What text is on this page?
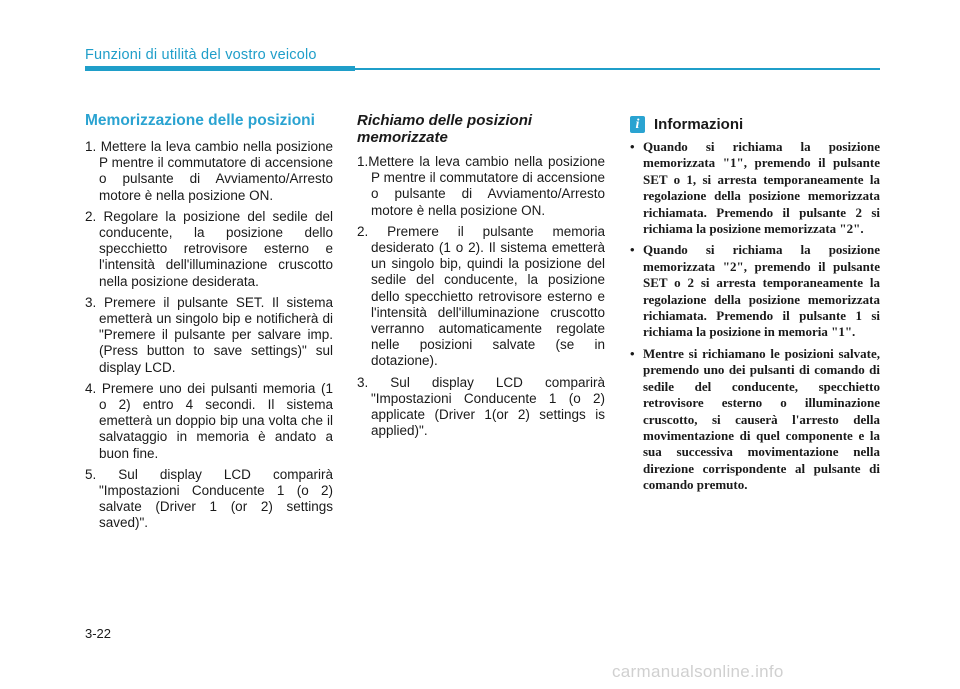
Funzioni di utilità del vostro veicolo
Memorizzazione delle posizioni
1. Mettere la leva cambio nella posizione P mentre il commutatore di accensione o pulsante di Avviamento/Arresto motore è nella posizione ON.
2. Regolare la posizione del sedile del conducente, la posizione dello specchietto retrovisore esterno e l'intensità dell'illuminazione cruscotto nella posizione desiderata.
3. Premere il pulsante SET. Il sistema emetterà un singolo bip e notificherà di "Premere il pulsante per salvare imp. (Press button to save settings)" sul display LCD.
4. Premere uno dei pulsanti memoria (1 o 2) entro 4 secondi. Il sistema emetterà un doppio bip una volta che il salvataggio in memoria è andato a buon fine.
5. Sul display LCD comparirà "Impostazioni Conducente 1 (o 2) salvate (Driver 1 (or 2) settings saved)".
Richiamo delle posizioni memorizzate
1.Mettere la leva cambio nella posizione P mentre il commutatore di accensione o pulsante di Avviamento/Arresto motore è nella posizione ON.
2. Premere il pulsante memoria desiderato (1 o 2). Il sistema emetterà un singolo bip, quindi la posizione del sedile del conducente, la posizione dello specchietto retrovisore esterno e l'intensità dell'illuminazione cruscotto verranno automaticamente regolate nelle posizioni salvate (se in dotazione).
3. Sul display LCD comparirà "Impostazioni Conducente 1 (o 2) applicate (Driver 1(or 2) settings is applied)".
i Informazioni
• Quando si richiama la posizione memorizzata "1", premendo il pulsante SET o 1, si arresta temporaneamente la regolazione della posizione memorizzata richiamata. Premendo il pulsante 2 si richiama la posizione memorizzata "2".
• Quando si richiama la posizione memorizzata "2", premendo il pulsante SET o 2 si arresta temporaneamente la regolazione della posizione memorizzata richiamata. Premendo il pulsante 1 si richiama la posizione in memoria "1".
• Mentre si richiamano le posizioni salvate, premendo uno dei pulsanti di comando di sedile del conducente, specchietto retrovisore esterno o illuminazione cruscotto, si causerà l'arresto della movimentazione di quel componente e la sua successiva movimentazione nella direzione corrispondente al pulsante di comando premuto.
3-22
carmanualsonline.info
